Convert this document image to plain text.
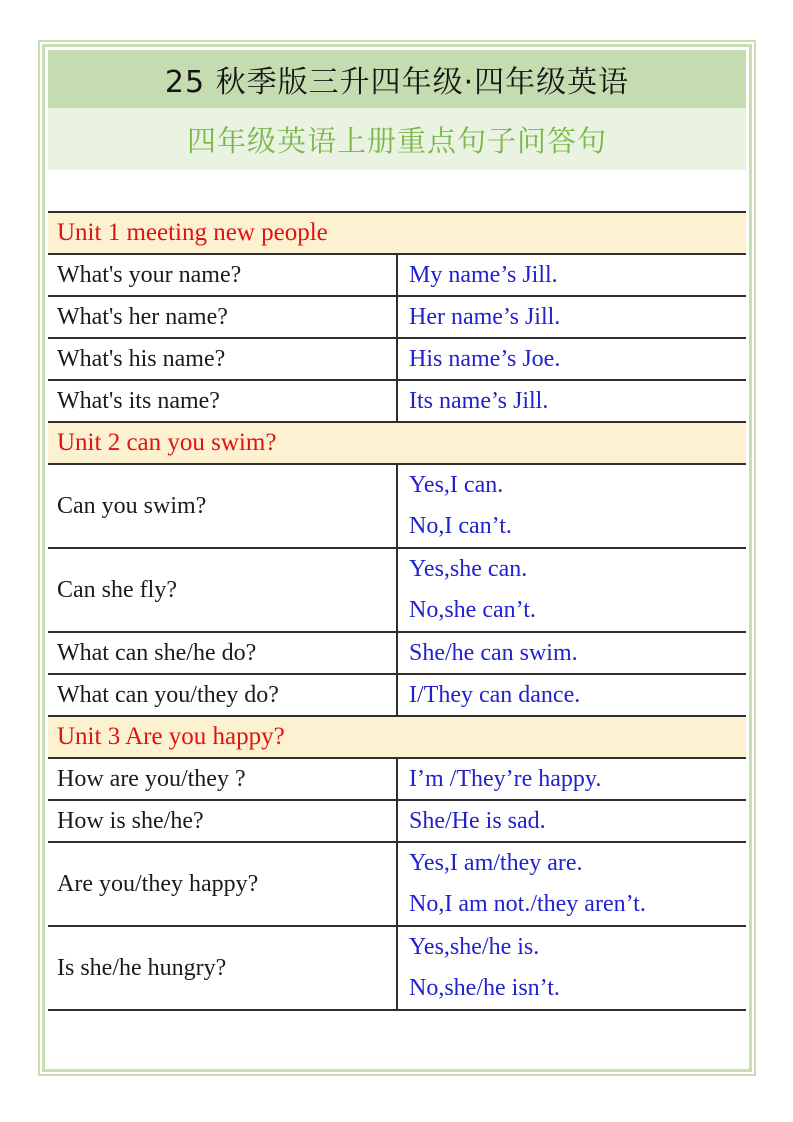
25 秋季版三升四年级·四年级英语
四年级英语上册重点句子问答句
Unit 1 meeting new people	
What's your name?	My name’s Jill.
What's her name?	Her name’s Jill.
What's his name?	His name’s Joe.
What's its name?	Its name’s Jill.
Unit 2 can you swim?	
Can you swim?	Yes,I can.
No,I can’t.

Can she fly?	Yes,she can.
No,she can’t.

What can she/he do?	She/he can swim.
What can you/they do?	I/They can dance.
Unit 3 Are you happy?	
How are you/they ?	I’m /They’re happy.
How is she/he?	She/He is sad.
Are you/they happy?	Yes,I am/they are.
No,I am not./they aren’t.

Is she/he hungry?	Yes,she/he is.
No,she/he isn’t.
